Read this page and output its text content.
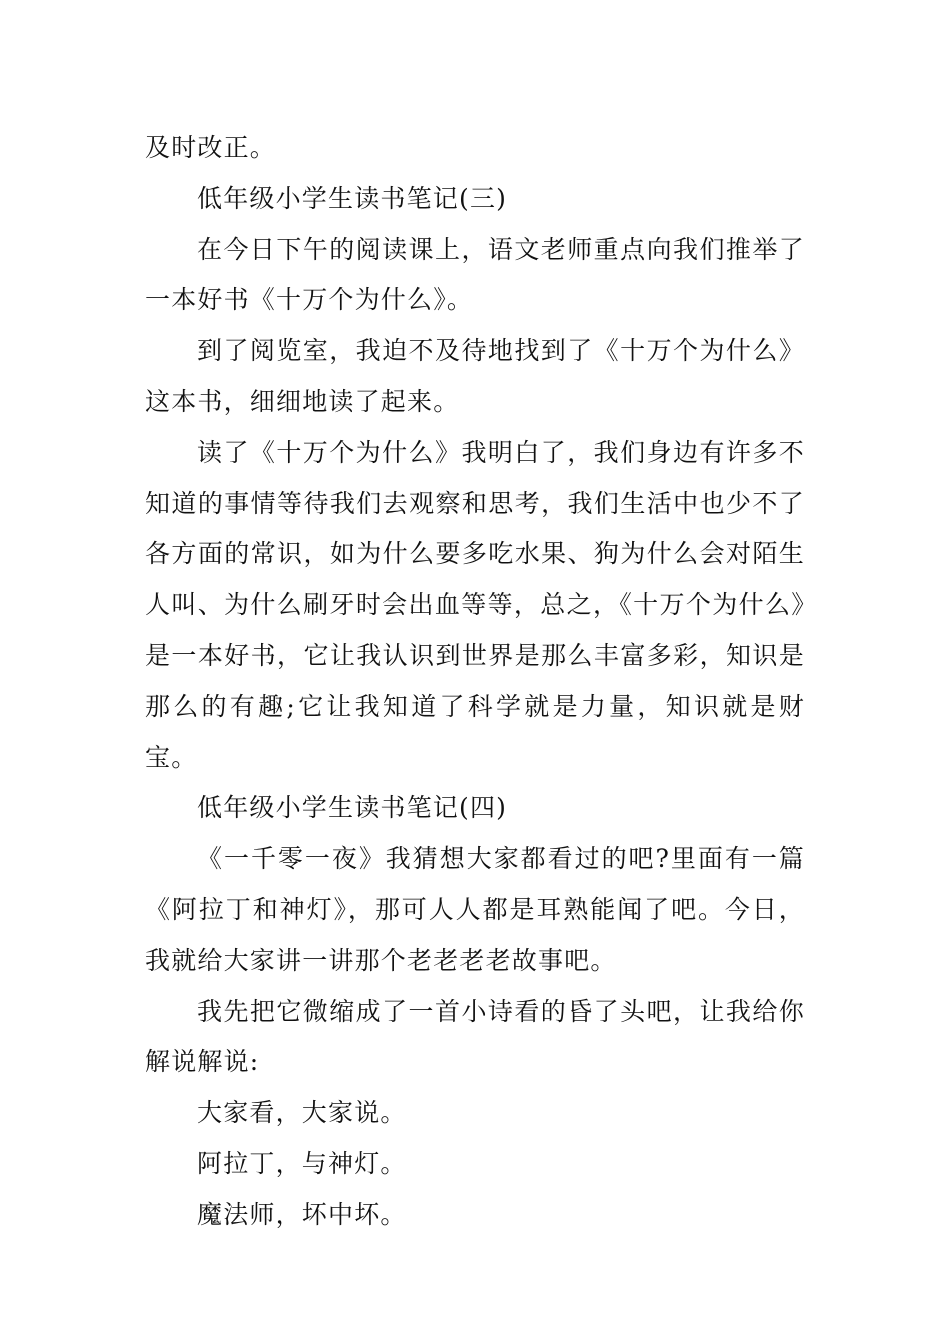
及时改正。

低年级小学生读书笔记(三)

在今日下午的阅读课上，语文老师重点向我们推举了一本好书《十万个为什么》。

到了阅览室，我迫不及待地找到了《十万个为什么》这本书，细细地读了起来。

读了《十万个为什么》我明白了，我们身边有许多不知道的事情等待我们去观察和思考，我们生活中也少不了各方面的常识，如为什么要多吃水果、狗为什么会对陌生人叫、为什么刷牙时会出血等等，总之，《十万个为什么》是一本好书，它让我认识到世界是那么丰富多彩，知识是那么的有趣;它让我知道了科学就是力量，知识就是财宝。

低年级小学生读书笔记(四)

《一千零一夜》我猜想大家都看过的吧?里面有一篇《阿拉丁和神灯》，那可人人都是耳熟能闻了吧。今日，我就给大家讲一讲那个老老老老故事吧。

我先把它微缩成了一首小诗看的昏了头吧，让我给你解说解说:

大家看，大家说。

阿拉丁，与神灯。

魔法师，坏中坏。
